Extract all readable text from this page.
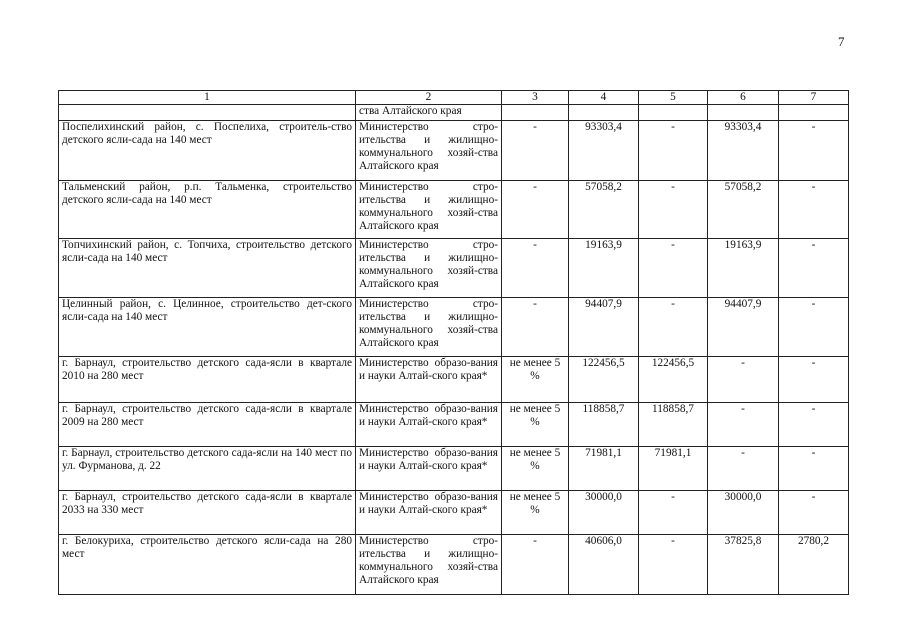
7
1	2	3	4	5	6	7
	ства Алтайского края					
Поспелихинский район, с. Поспелиха, строитель-ство детского ясли-сада на 140 мест	Министерство стро-ительства и жилищно-коммунального хозяй-ства Алтайского края	-	93303,4	-	93303,4	-
Тальменский район, р.п. Тальменка, строительство детского ясли-сада на 140 мест	Министерство стро-ительства и жилищно-коммунального хозяй-ства Алтайского края	-	57058,2	-	57058,2	-
Топчихинский район, с. Топчиха, строительство детского ясли-сада на 140 мест	Министерство стро-ительства и жилищно-коммунального хозяй-ства Алтайского края	-	19163,9	-	19163,9	-
Целинный район, с. Целинное, строительство дет-ского ясли-сада на 140 мест	Министерство стро-ительства и жилищно-коммунального хозяй-ства Алтайского края	-	94407,9	-	94407,9	-
г. Барнаул, строительство детского сада-ясли в квартале 2010 на 280 мест	Министерство образо-вания и науки Алтай-ского края*	не менее 5 %	122456,5	122456,5	-	-
г. Барнаул, строительство детского сада-ясли в квартале 2009 на 280 мест	Министерство образо-вания и науки Алтай-ского края*	не менее 5 %	118858,7	118858,7	-	-
г. Барнаул, строительство детского сада-ясли на 140 мест по ул. Фурманова, д. 22	Министерство образо-вания и науки Алтай-ского края*	не менее 5 %	71981,1	71981,1	-	-
г. Барнаул, строительство детского сада-ясли в квартале 2033 на 330 мест	Министерство образо-вания и науки Алтай-ского края*	не менее 5 %	30000,0	-	30000,0	-
г. Белокуриха, строительство детского ясли-сада на 280 мест	Министерство стро-ительства и жилищно-коммунального хозяй-ства Алтайского края	-	40606,0	-	37825,8	2780,2
